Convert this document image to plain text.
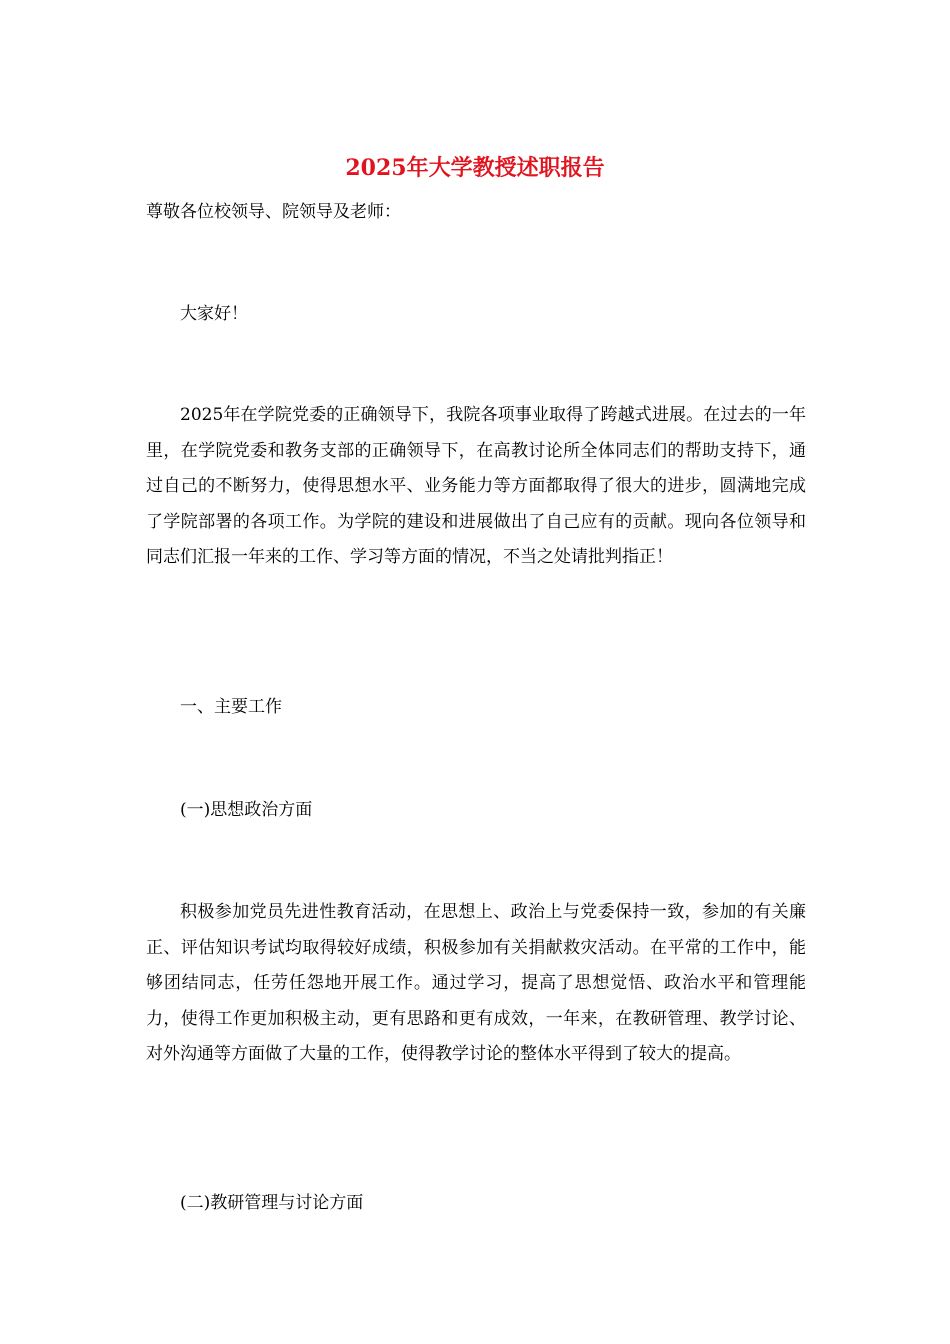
2025年大学教授述职报告
尊敬各位校领导、院领导及老师：

大家好！

2025年在学院党委的正确领导下，我院各项事业取得了跨越式进展。在过去的一年里，在学院党委和教务支部的正确领导下，在高教讨论所全体同志们的帮助支持下，通过自己的不断努力，使得思想水平、业务能力等方面都取得了很大的进步，圆满地完成了学院部署的各项工作。为学院的建设和进展做出了自己应有的贡献。现向各位领导和同志们汇报一年来的工作、学习等方面的情况，不当之处请批判指正！

一、主要工作

(一)思想政治方面

积极参加党员先进性教育活动，在思想上、政治上与党委保持一致，参加的有关廉正、评估知识考试均取得较好成绩，积极参加有关捐献救灾活动。在平常的工作中，能够团结同志，任劳任怨地开展工作。通过学习，提高了思想觉悟、政治水平和管理能力，使得工作更加积极主动，更有思路和更有成效，一年来，在教研管理、教学讨论、对外沟通等方面做了大量的工作，使得教学讨论的整体水平得到了较大的提高。

(二)教研管理与讨论方面
